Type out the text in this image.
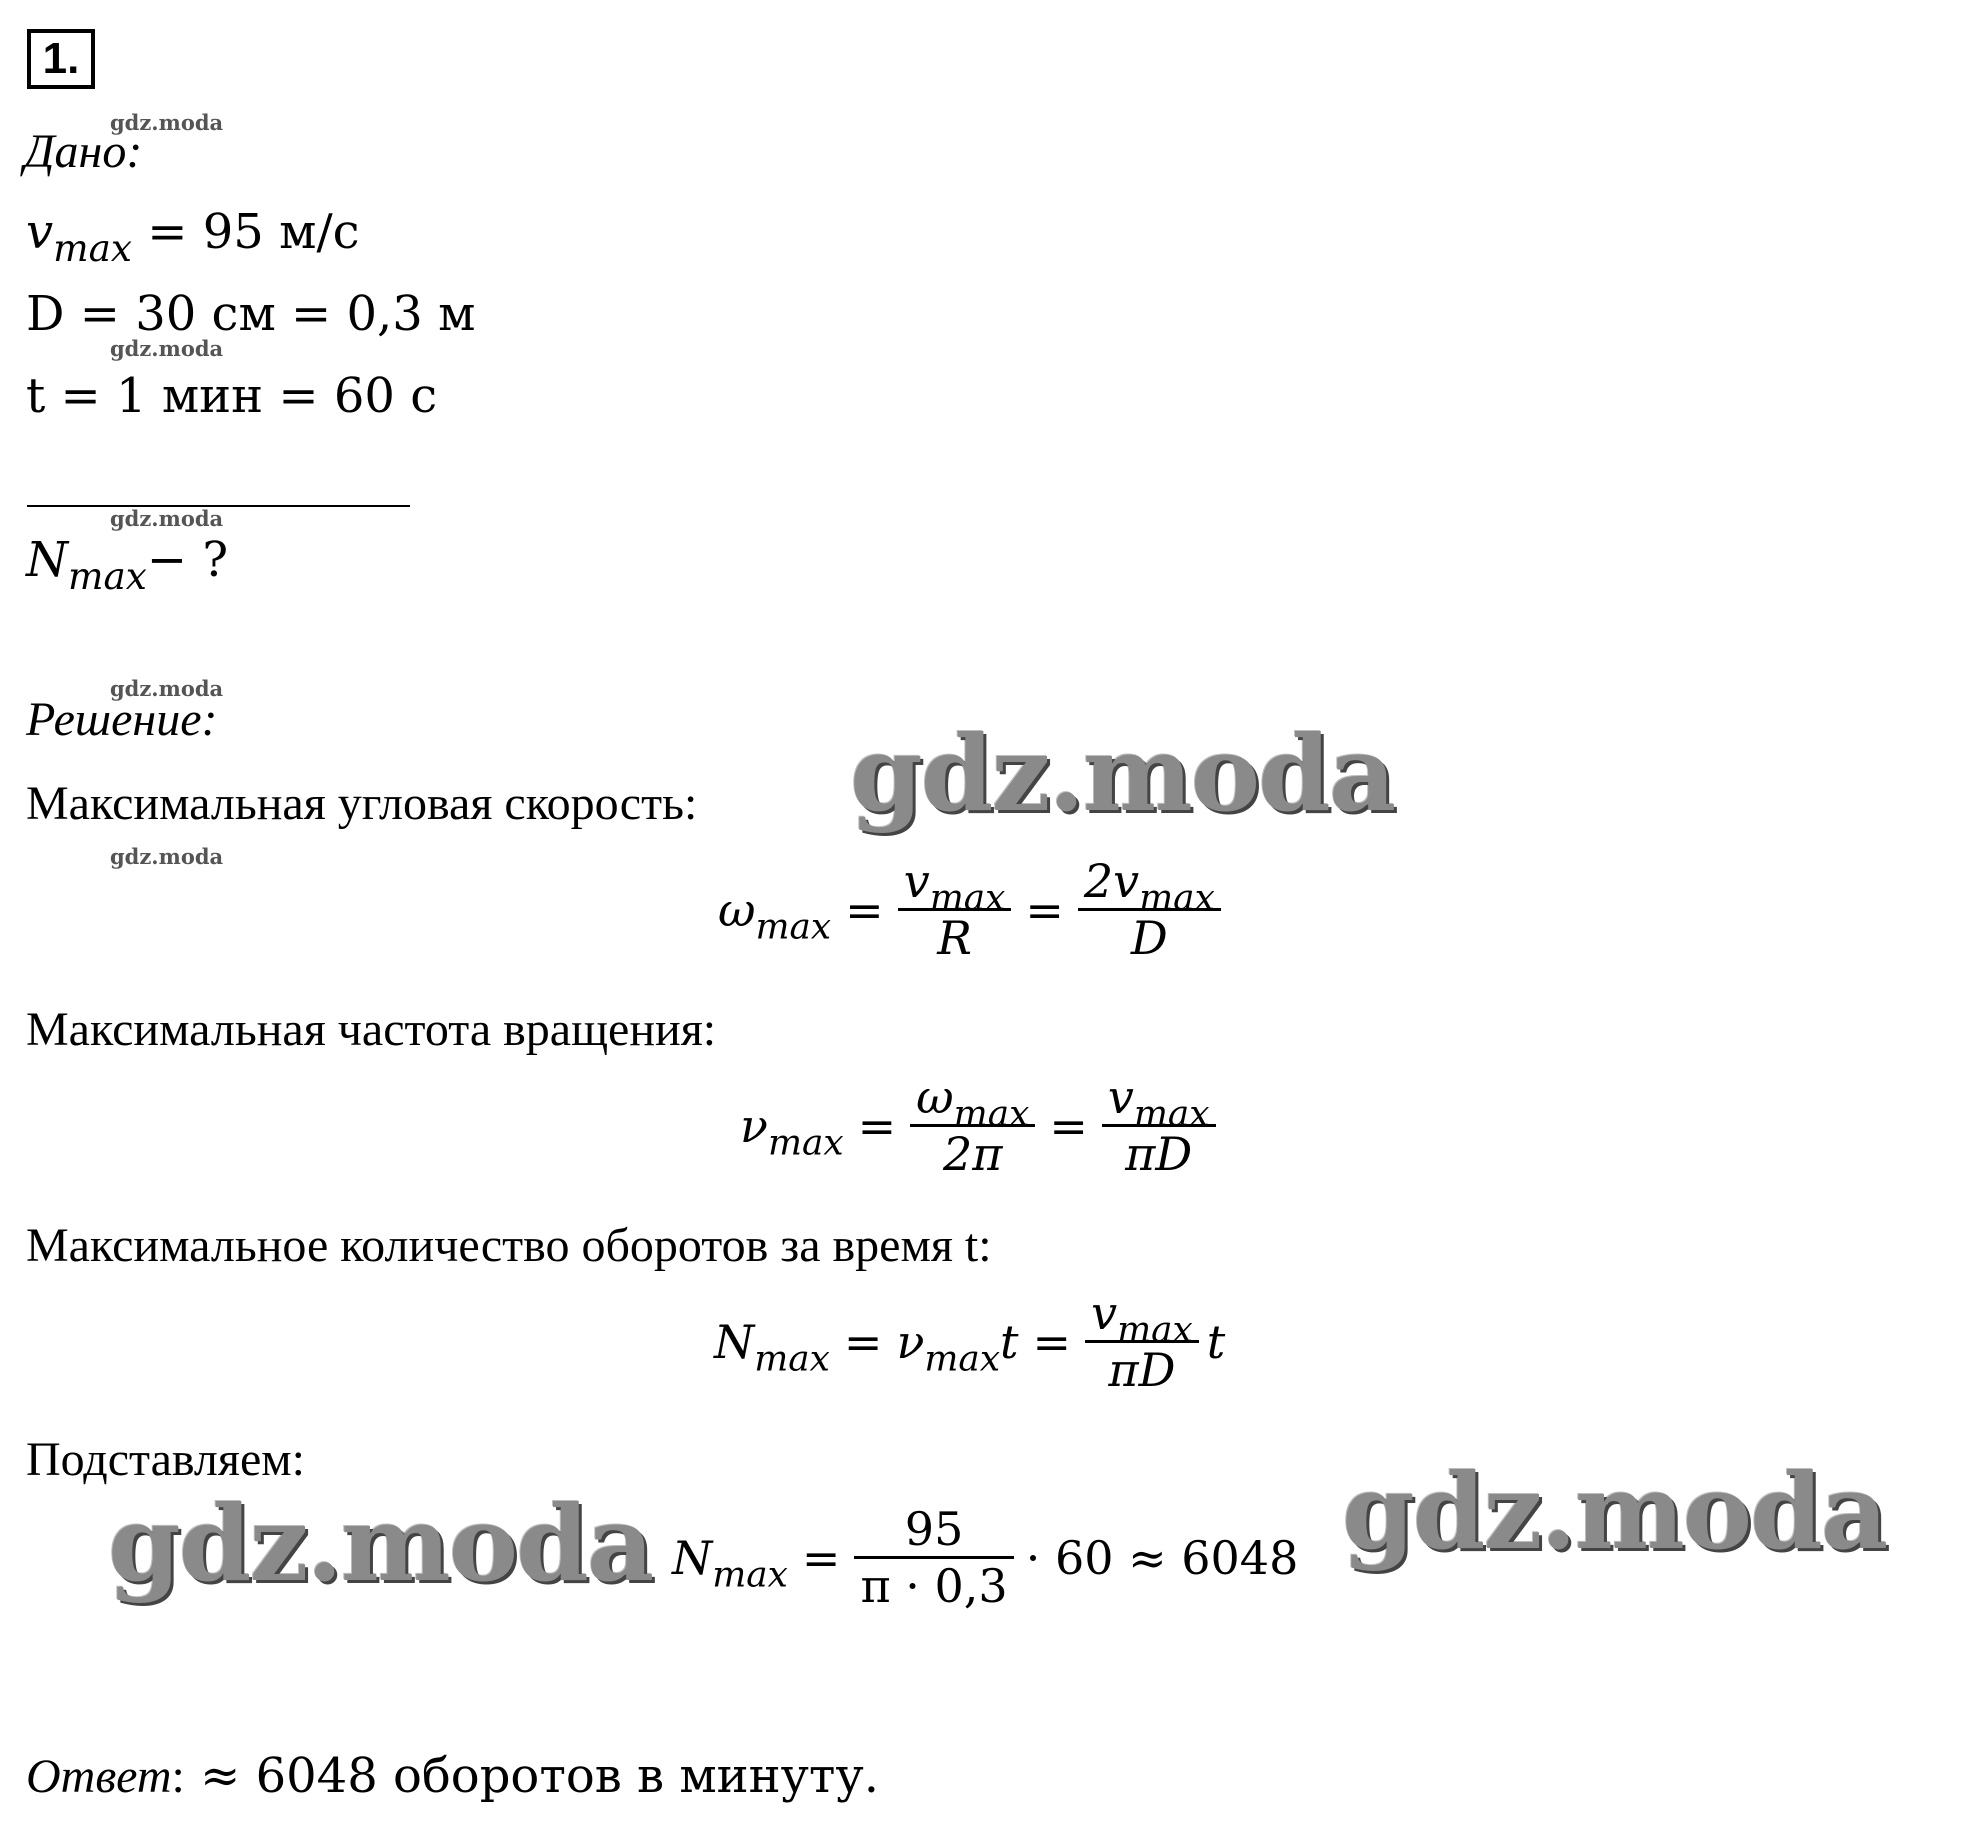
1.
Дано:
$v_{max} = 95$ м/с
D = 30 см = 0,3 м
t = 1 мин = 60 с
$N_{max}-$ ?
Решение:
Максимальная угловая скорость:
$\omega_{max} = \frac{v_{max}}{R} = \frac{2v_{max}}{D}$
Максимальная частота вращения:
$\nu_{max} = \frac{\omega_{max}}{2\pi} = \frac{v_{max}}{\pi D}$
Максимальное количество оборотов за время t:
$N_{max} = \nu_{max}t = \frac{v_{max}}{\pi D}$ t
Подставляем:
$N_{max} = \frac{95}{\pi \cdot 0,3} \cdot 60 \approx 6048$
Ответ: ≈ 6048 оборотов в минуту.
gdz.moda
gdz.moda
gdz.moda
gdz.moda
gdz.moda
gdz.moda
gdz.moda	gdz.moda
